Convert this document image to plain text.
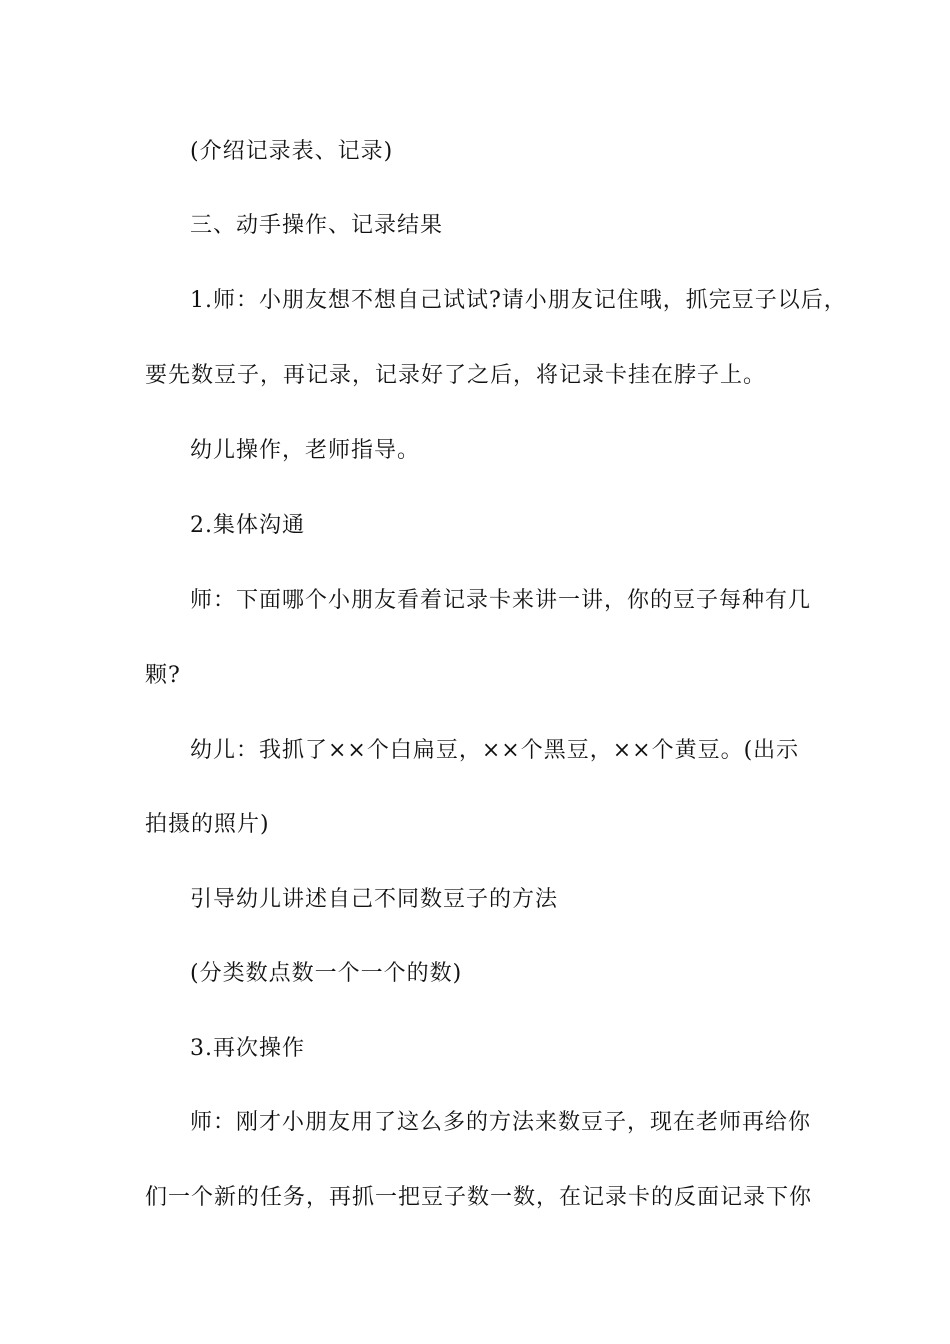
(介绍记录表、记录)
三、动手操作、记录结果
1.师：小朋友想不想自己试试?请小朋友记住哦，抓完豆子以后，
要先数豆子，再记录，记录好了之后，将记录卡挂在脖子上。
幼儿操作，老师指导。
2.集体沟通
师：下面哪个小朋友看着记录卡来讲一讲，你的豆子每种有几
颗?
幼儿：我抓了××个白扁豆，××个黑豆，××个黄豆。(出示
拍摄的照片)
引导幼儿讲述自己不同数豆子的方法
(分类数点数一个一个的数)
3.再次操作
师：刚才小朋友用了这么多的方法来数豆子，现在老师再给你
们一个新的任务，再抓一把豆子数一数，在记录卡的反面记录下你
